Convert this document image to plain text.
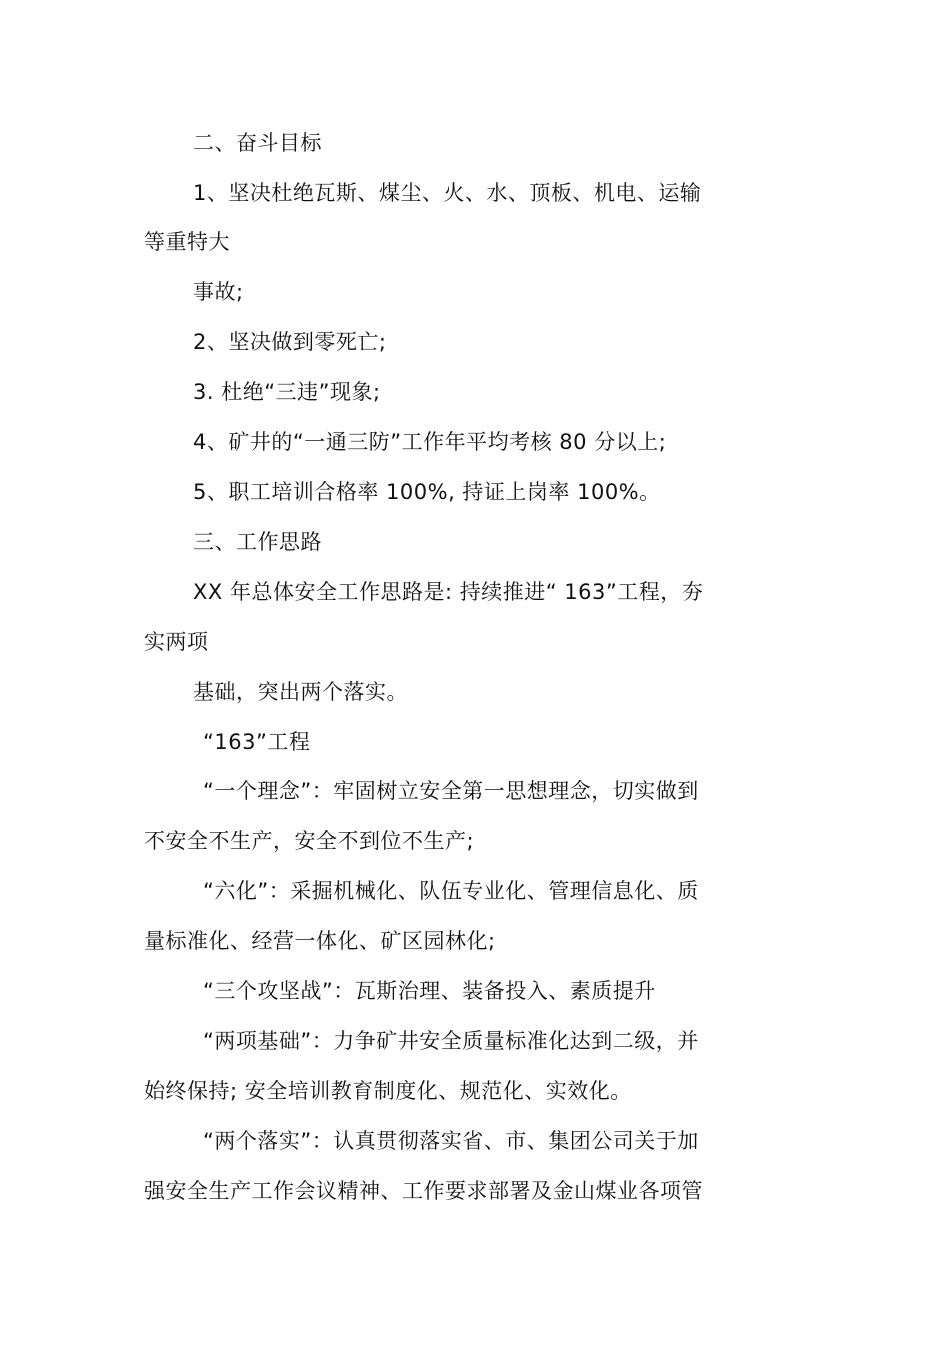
二、奋斗目标
1、坚决杜绝瓦斯、煤尘、火、水、顶板、机电、运输
等重特大
事故;
2、坚决做到零死亡;
3. 杜绝“三违”现象;
4、矿井的“一通三防”工作年平均考核 80 分以上;
5、职工培训合格率 100%, 持证上岗率 100%。
三、工作思路
XX 年总体安全工作思路是: 持续推进“ 163”工程，夯
实两项
基础，突出两个落实。
“163”工程
“一个理念”：牢固树立安全第一思想理念，切实做到
不安全不生产，安全不到位不生产;
“六化”：采掘机械化、队伍专业化、管理信息化、质
量标准化、经营一体化、矿区园林化;
“三个攻坚战”：瓦斯治理、装备投入、素质提升
“两项基础”：力争矿井安全质量标准化达到二级，并
始终保持; 安全培训教育制度化、规范化、实效化。
“两个落实”：认真贯彻落实省、市、集团公司关于加
强安全生产工作会议精神、工作要求部署及金山煤业各项管
